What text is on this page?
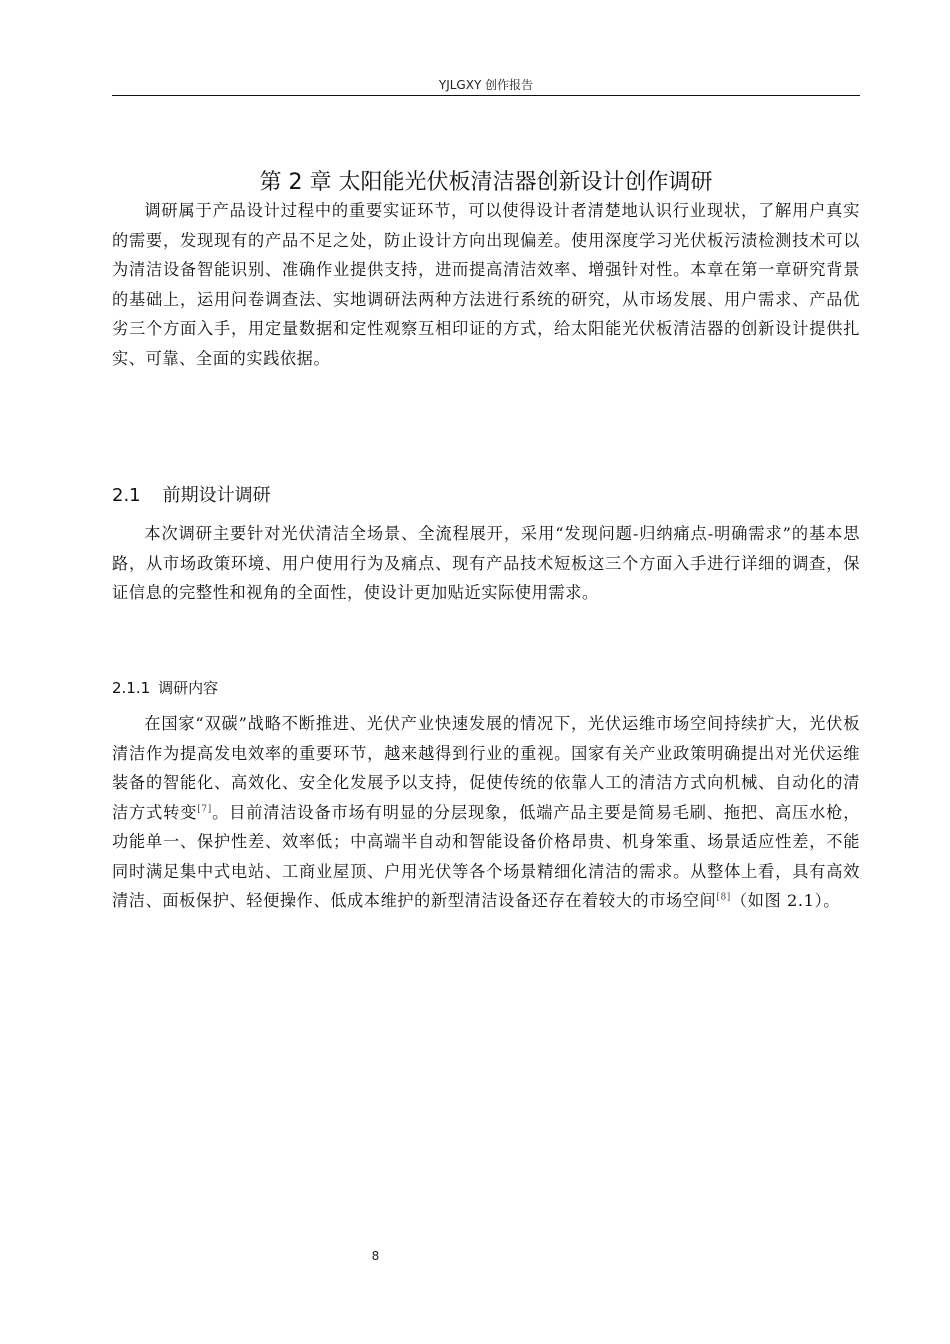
YJLGXY 创作报告
第 2 章 太阳能光伏板清洁器创新设计创作调研

调研属于产品设计过程中的重要实证环节，可以使得设计者清楚地认识行业现状，了解用户真实的需要，发现现有的产品不足之处，防止设计方向出现偏差。使用深度学习光伏板污渍检测技术可以为清洁设备智能识别、准确作业提供支持，进而提高清洁效率、增强针对性。本章在第一章研究背景的基础上，运用问卷调查法、实地调研法两种方法进行系统的研究，从市场发展、用户需求、产品优劣三个方面入手，用定量数据和定性观察互相印证的方式，给太阳能光伏板清洁器的创新设计提供扎实、可靠、全面的实践依据。

2.1 前期设计调研

本次调研主要针对光伏清洁全场景、全流程展开，采用“发现问题-归纳痛点-明确需求”的基本思路，从市场政策环境、用户使用行为及痛点、现有产品技术短板这三个方面入手进行详细的调查，保证信息的完整性和视角的全面性，使设计更加贴近实际使用需求。

2.1.1 调研内容

在国家“双碳”战略不断推进、光伏产业快速发展的情况下，光伏运维市场空间持续扩大，光伏板清洁作为提高发电效率的重要环节，越来越得到行业的重视。国家有关产业政策明确提出对光伏运维装备的智能化、高效化、安全化发展予以支持，促使传统的依靠人工的清洁方式向机械、自动化的清洁方式转变[7]。目前清洁设备市场有明显的分层现象，低端产品主要是简易毛刷、拖把、高压水枪，功能单一、保护性差、效率低；中高端半自动和智能设备价格昂贵、机身笨重、场景适应性差，不能同时满足集中式电站、工商业屋顶、户用光伏等各个场景精细化清洁的需求。从整体上看，具有高效清洁、面板保护、轻便操作、低成本维护的新型清洁设备还存在着较大的市场空间[8]（如图 2.1）。

8
